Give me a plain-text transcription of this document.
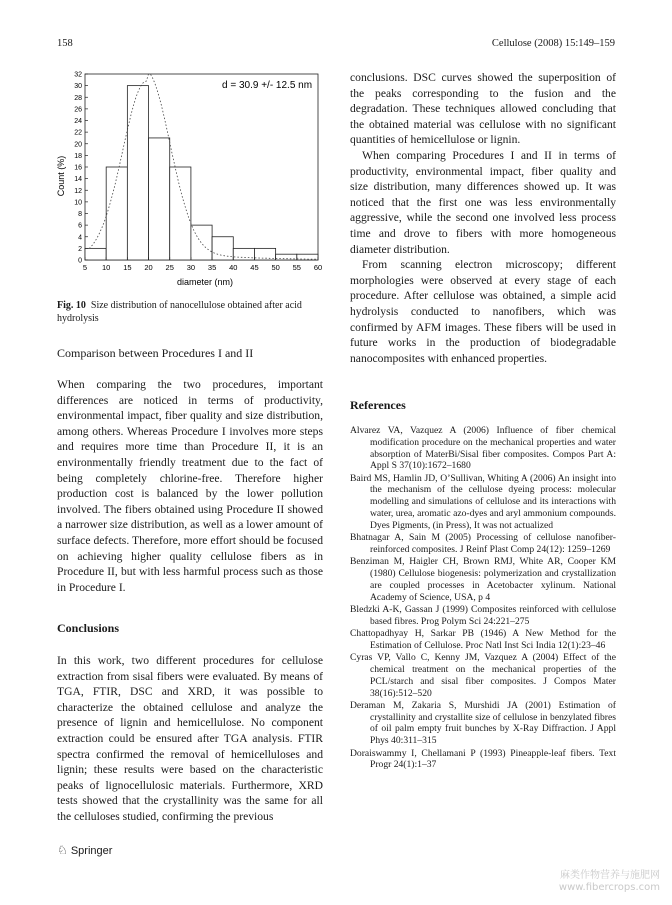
158	Cellulose (2008) 15:149–159
0
2
4
6
8
10
12
14
16
18
20
22
24
26
28
30
32
5 10 15 20 25 30 35 40 45 50 55 60
d = 30.9 +/- 12.5 nm
diameter (nm)
Count (%)
Fig. 10 Size distribution of nanocellulose obtained after acid hydrolysis
Comparison between Procedures I and II

When comparing the two procedures, important differences are noticed in terms of productivity, environmental impact, fiber quality and size distribution, among others. Whereas Procedure I involves more steps and requires more time than Procedure II, it is an environmentally friendly treatment due to the fact of being completely chlorine-free. Therefore higher production cost is balanced by the lower pollution involved. The fibers obtained using Procedure II showed a narrower size distribution, as well as a lower amount of surface defects. Therefore, more effort should be focused on achieving higher quality cellulose fibers as in Procedure II, but with less harmful process such as those in Procedure I.

Conclusions

In this work, two different procedures for cellulose extraction from sisal fibers were evaluated. By means of TGA, FTIR, DSC and XRD, it was possible to characterize the obtained cellulose and analyze the presence of lignin and hemicellulose. No component extraction could be ensured after TGA analysis. FTIR spectra confirmed the removal of hemicelluloses and lignin; these results were based on the characteristic peaks of lignocellulosic materials. Furthermore, XRD tests showed that the crystallinity was the same for all the celluloses studied, confirming the previous

conclusions. DSC curves showed the superposition of the peaks corresponding to the fusion and the degradation. These techniques allowed concluding that the obtained material was cellulose with no significant quantities of hemicellulose or lignin.

When comparing Procedures I and II in terms of productivity, environmental impact, fiber quality and size distribution, many differences showed up. It was noticed that the first one was less environmentally aggressive, while the second one involved less process time and drove to fibers with more homogeneous diameter distribution.

From scanning electron microscopy; different morphologies were observed at every stage of each procedure. After cellulose was obtained, a simple acid hydrolysis conducted to nanofibers, which was confirmed by AFM images. These fibers will be used in future works in the production of biodegradable nanocomposites with enhanced properties.

References
Alvarez VA, Vazquez A (2006) Influence of fiber chemical modification procedure on the mechanical properties and water absorption of MaterBi/Sisal fiber composites. Compos Part A: Appl S 37(10):1672–1680
Baird MS, Hamlin JD, O’Sullivan, Whiting A (2006) An insight into the mechanism of the cellulose dyeing process: molecular modelling and simulations of cellulose and its interactions with water, urea, aromatic azo-dyes and aryl ammonium compounds. Dyes Pigments, (in Press), It was not actualized
Bhatnagar A, Sain M (2005) Processing of cellulose nanofiber-reinforced composites. J Reinf Plast Comp 24(12): 1259–1269
Benziman M, Haigler CH, Brown RMJ, White AR, Cooper KM (1980) Cellulose biogenesis: polymerization and crystallization are coupled processes in Acetobacter xylinum. National Academy of Science, USA, p 4
Bledzki A-K, Gassan J (1999) Composites reinforced with cellulose based fibres. Prog Polym Sci 24:221–275
Chattopadhyay H, Sarkar PB (1946) A New Method for the Estimation of Cellulose. Proc Natl Inst Sci India 12(1):23–46
Cyras VP, Vallo C, Kenny JM, Vazquez A (2004) Effect of the chemical treatment on the mechanical properties of the PCL/starch and sisal fiber composites. J Compos Mater 38(16):512–520
Deraman M, Zakaria S, Murshidi JA (2001) Estimation of crystallinity and crystallite size of cellulose in benzylated fibres of oil palm empty fruit bunches by X-Ray Diffraction. J Appl Phys 40:311–315
Doraiswammy I, Chellamani P (1993) Pineapple-leaf fibers. Text Progr 24(1):1–37
♘ Springer
麻类作物营养与施肥网
www.fibercrops.com
